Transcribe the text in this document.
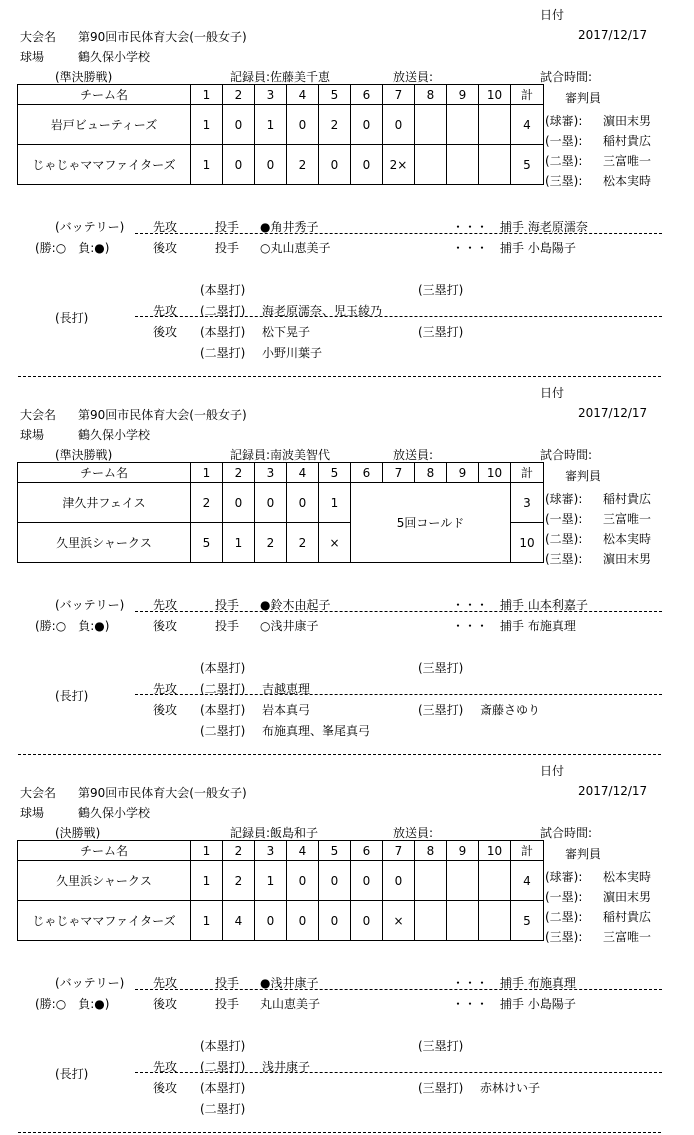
日付
2017/12/17
大会名 第90回市民体育大会(一般女子)
球場	鶴久保小学校
(準決勝戦)	記録員:佐藤美千恵	放送員:	試合時間:
審判員
チーム名	1	2	3	4	5	6	7	8	9	10	計
岩戸ビューティーズ	1	0	1	0	2	0	0				4
じゃじゃママファイターズ	1	0	0	2	0	0	2×				5
(球審):	濵田末男
(一塁):	稲村貴広
(二塁):	三富唯一
(三塁):	松本実時
(バッテリー)
(勝:○　負:●)
先攻	投手 ●角井秀子	・・・　捕手 海老原濡奈
後攻	投手 ○丸山恵美子	・・・　捕手 小島陽子
(本塁打)	(三塁打)
(長打)	先攻 (二塁打) 海老原濡奈、児玉綾乃
後攻 (本塁打) 松下晃子	(三塁打)
(二塁打) 小野川葉子
日付
2017/12/17
大会名 第90回市民体育大会(一般女子)
球場	鶴久保小学校
(準決勝戦)	記録員:南波美智代	放送員:	試合時間:
審判員
チーム名	1	2	3	4	5	6	7	8	9	10	計
津久井フェイス	2	0	0	0	1	5回コールド					3
久里浜シャークス	5	1	2	2	×						10
(球審):	稲村貴広
(一塁):	三富唯一
(二塁):	松本実時
(三塁):	濵田末男
(バッテリー)
(勝:○　負:●)
先攻	投手 ●鈴木由起子	・・・　捕手 山本利嘉子
後攻	投手 ○浅井康子	・・・　捕手 布施真理
(本塁打)	(三塁打)
(長打)	先攻 (二塁打) 吉越恵理
後攻 (本塁打) 岩本真弓	(三塁打) 斎藤さゆり
(二塁打) 布施真理、峯尾真弓
日付
2017/12/17
大会名 第90回市民体育大会(一般女子)
球場	鶴久保小学校
(決勝戦)	記録員:飯島和子	放送員:	試合時間:
審判員
チーム名	1	2	3	4	5	6	7	8	9	10	計
久里浜シャークス	1	2	1	0	0	0	0				4
じゃじゃママファイターズ	1	4	0	0	0	0	×				5
(球審):	松本実時
(一塁):	濵田末男
(二塁):	稲村貴広
(三塁):	三富唯一
(バッテリー)
(勝:○　負:●)
先攻	投手 ●浅井康子	・・・　捕手 布施真理
後攻	投手 丸山恵美子	・・・　捕手 小島陽子
(本塁打)	(三塁打)
(長打)	先攻 (二塁打) 浅井康子
後攻 (本塁打)	(三塁打) 赤林けい子
(二塁打)
